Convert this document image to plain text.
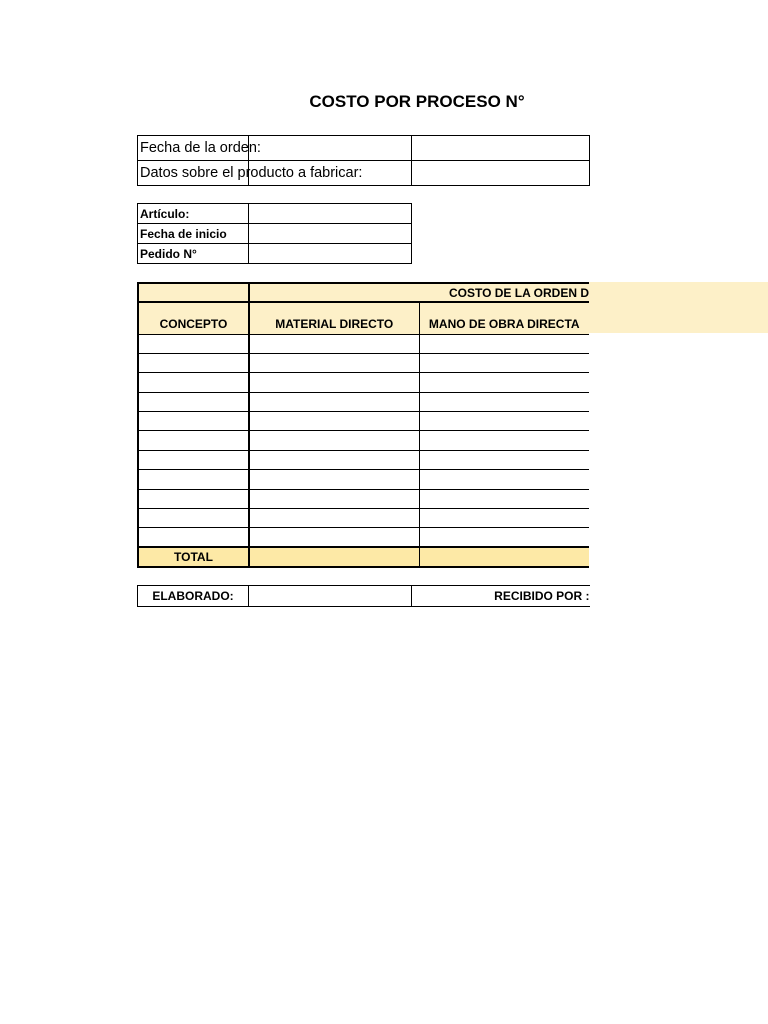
COSTO POR PROCESO N°
Fecha de la orden:	

Datos sobre el producto a fabricar:	
Artículo:	
Fecha de inicio	
Pedido N°	
	COSTO DE LA ORDEN D	
CONCEPTO	MATERIAL DIRECTO	MANO DE OBRA DIRECTA

TOTAL		
ELABORADO:		RECIBIDO POR :
